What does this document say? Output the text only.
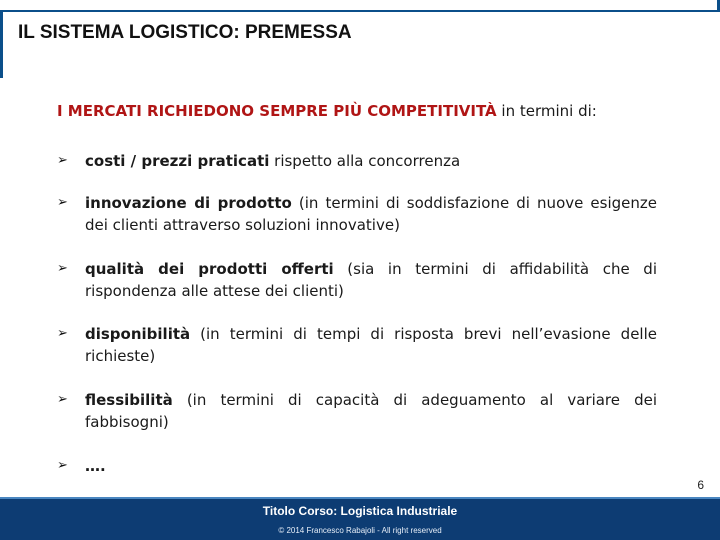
IL SISTEMA LOGISTICO: PREMESSA
I MERCATI RICHIEDONO SEMPRE PIÙ COMPETITIVITÀ in termini di:
➢ costi / prezzi praticati rispetto alla concorrenza
➢ innovazione di prodotto (in termini di soddisfazione di nuove esigenze dei clienti attraverso soluzioni innovative)
➢ qualità dei prodotti offerti (sia in termini di affidabilità che di rispondenza alle attese dei clienti)
➢ disponibilità (in termini di tempi di risposta brevi nell’evasione delle richieste)
➢ flessibilità (in termini di capacità di adeguamento al variare dei fabbisogni)
➢ ….
6
Titolo Corso: Logistica Industriale
© 2014 Francesco Rabajoli - All right reserved
